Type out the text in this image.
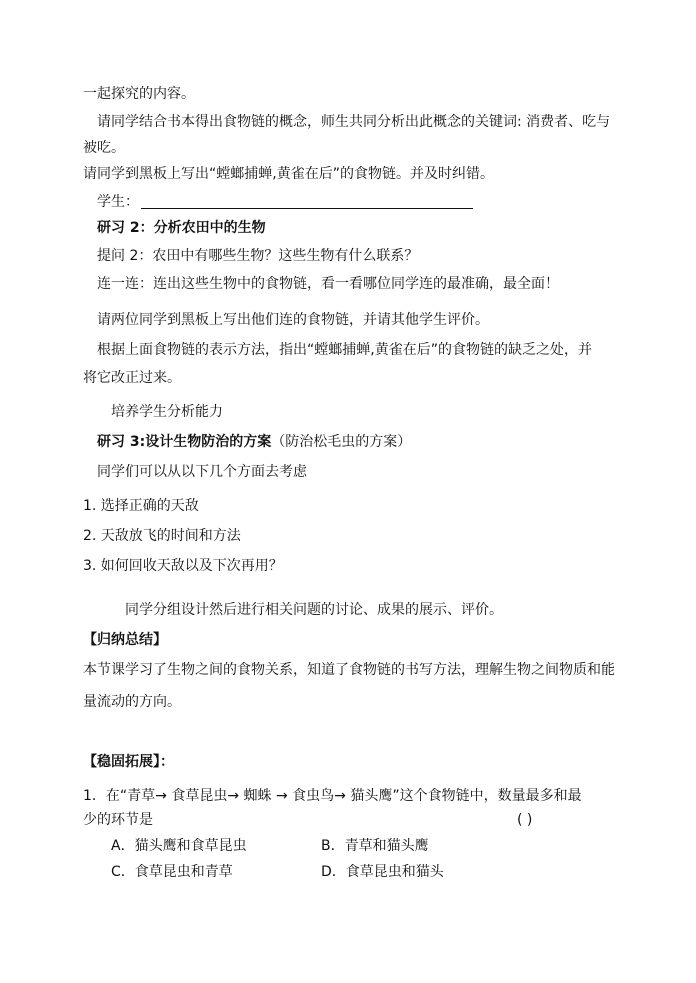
一起探究的内容。
请同学结合书本得出食物链的概念，师生共同分析出此概念的关键词: 消费者、吃与
被吃。
请同学到黑板上写出“螳螂捕蝉,黄雀在后”的食物链。并及时纠错。
学生：
研习 2：分析农田中的生物
提问 2：农田中有哪些生物？这些生物有什么联系？
连一连：连出这些生物中的食物链，看一看哪位同学连的最准确，最全面！
请两位同学到黑板上写出他们连的食物链，并请其他学生评价。
根据上面食物链的表示方法，指出“螳螂捕蝉,黄雀在后”的食物链的缺乏之处，并
将它改正过来。
培养学生分析能力
研习 3:设计生物防治的方案（防治松毛虫的方案）
同学们可以从以下几个方面去考虑
1. 选择正确的天敌
2. 天敌放飞的时间和方法
3. 如何回收天敌以及下次再用？
同学分组设计然后进行相关问题的讨论、成果的展示、评价。
【归纳总结】
本节课学习了生物之间的食物关系，知道了食物链的书写方法，理解生物之间物质和能
量流动的方向。
【稳固拓展】：
1．在“青草→ 食草昆虫→ 蜘蛛 → 食虫鸟→ 猫头鹰”这个食物链中，数量最多和最
少的环节是	( )
A．猫头鹰和食草昆虫	B．青草和猫头鹰
C．食草昆虫和青草	D．食草昆虫和猫头
